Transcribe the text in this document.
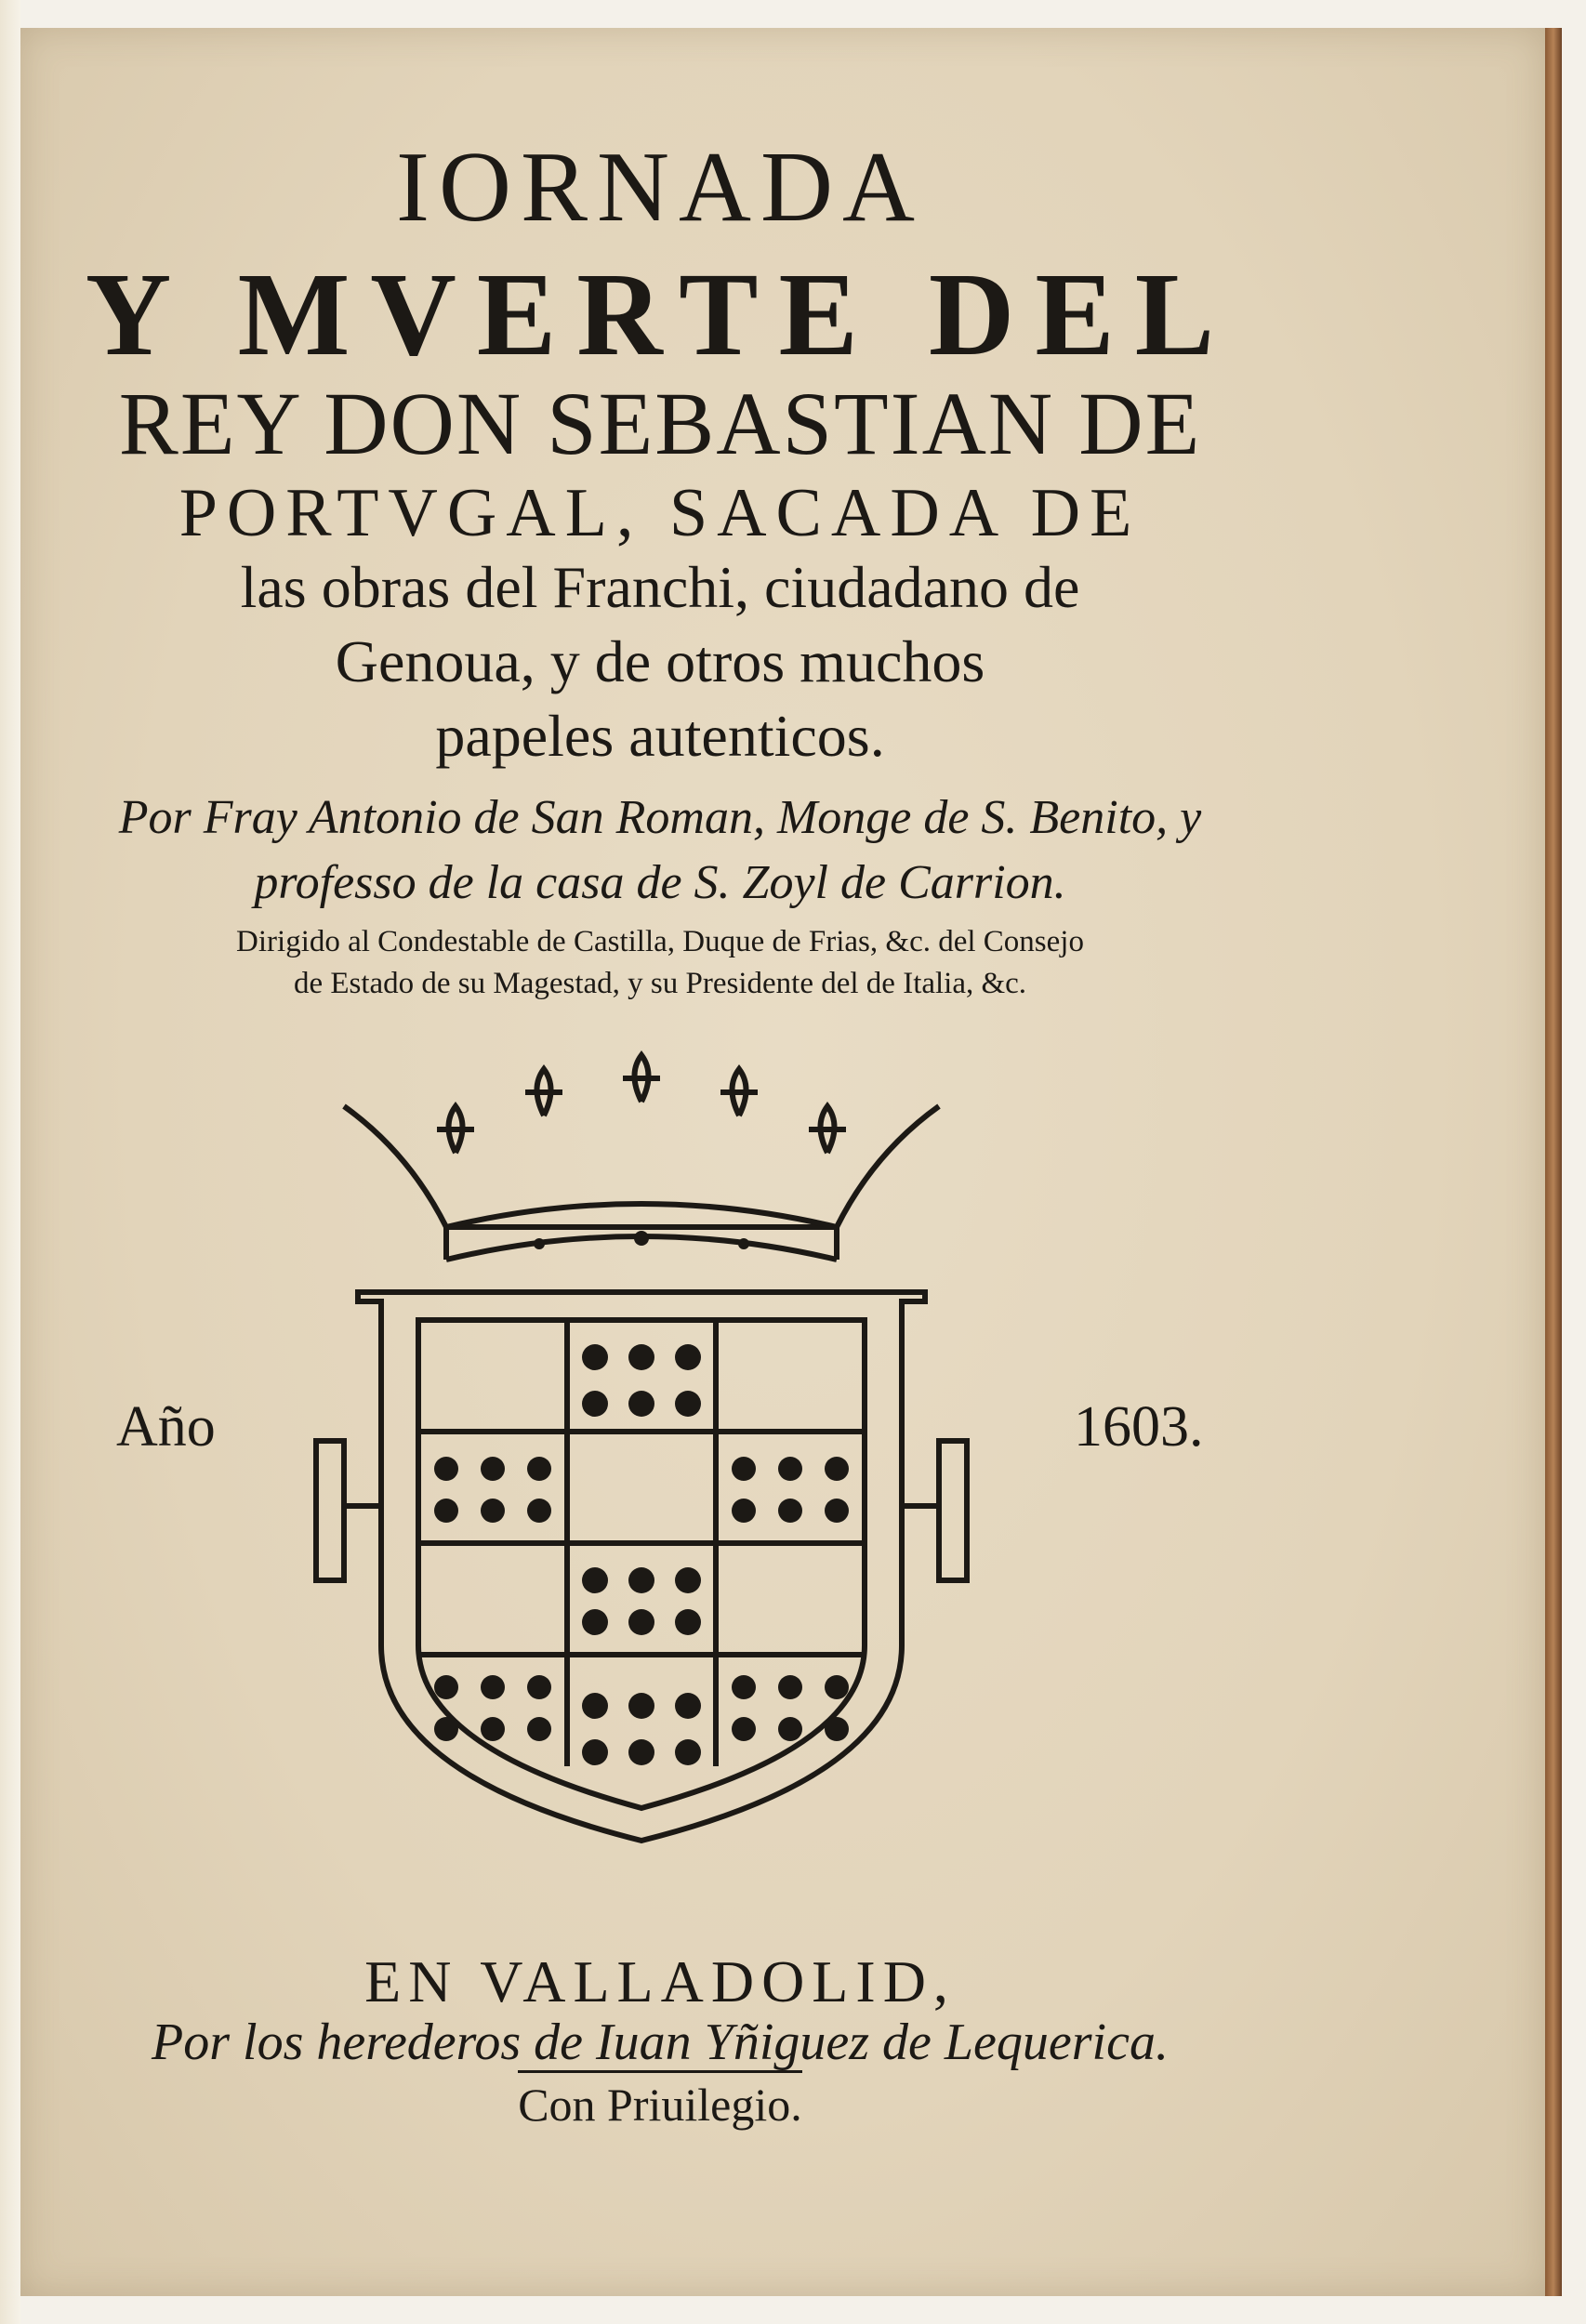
IORNADA
Y MVERTE DEL
REY DON SEBASTIAN DE
PORTVGAL, SACADA DE
las obras del Franchi, ciudadano de
Genoua, y de otros muchos
papeles autenticos.
Por Fray Antonio de San Roman, Monge de S. Benito, y
professo de la casa de S. Zoyl de Carrion.
Dirigido al Condestable de Castilla, Duque de Frias, &c. del Consejo
de Estado de su Magestad, y su Presidente del de Italia, &c.
Año	1603.
EN VALLADOLID,
Por los herederos de Iuan Yñiguez de Lequerica.
Con Priuilegio.
